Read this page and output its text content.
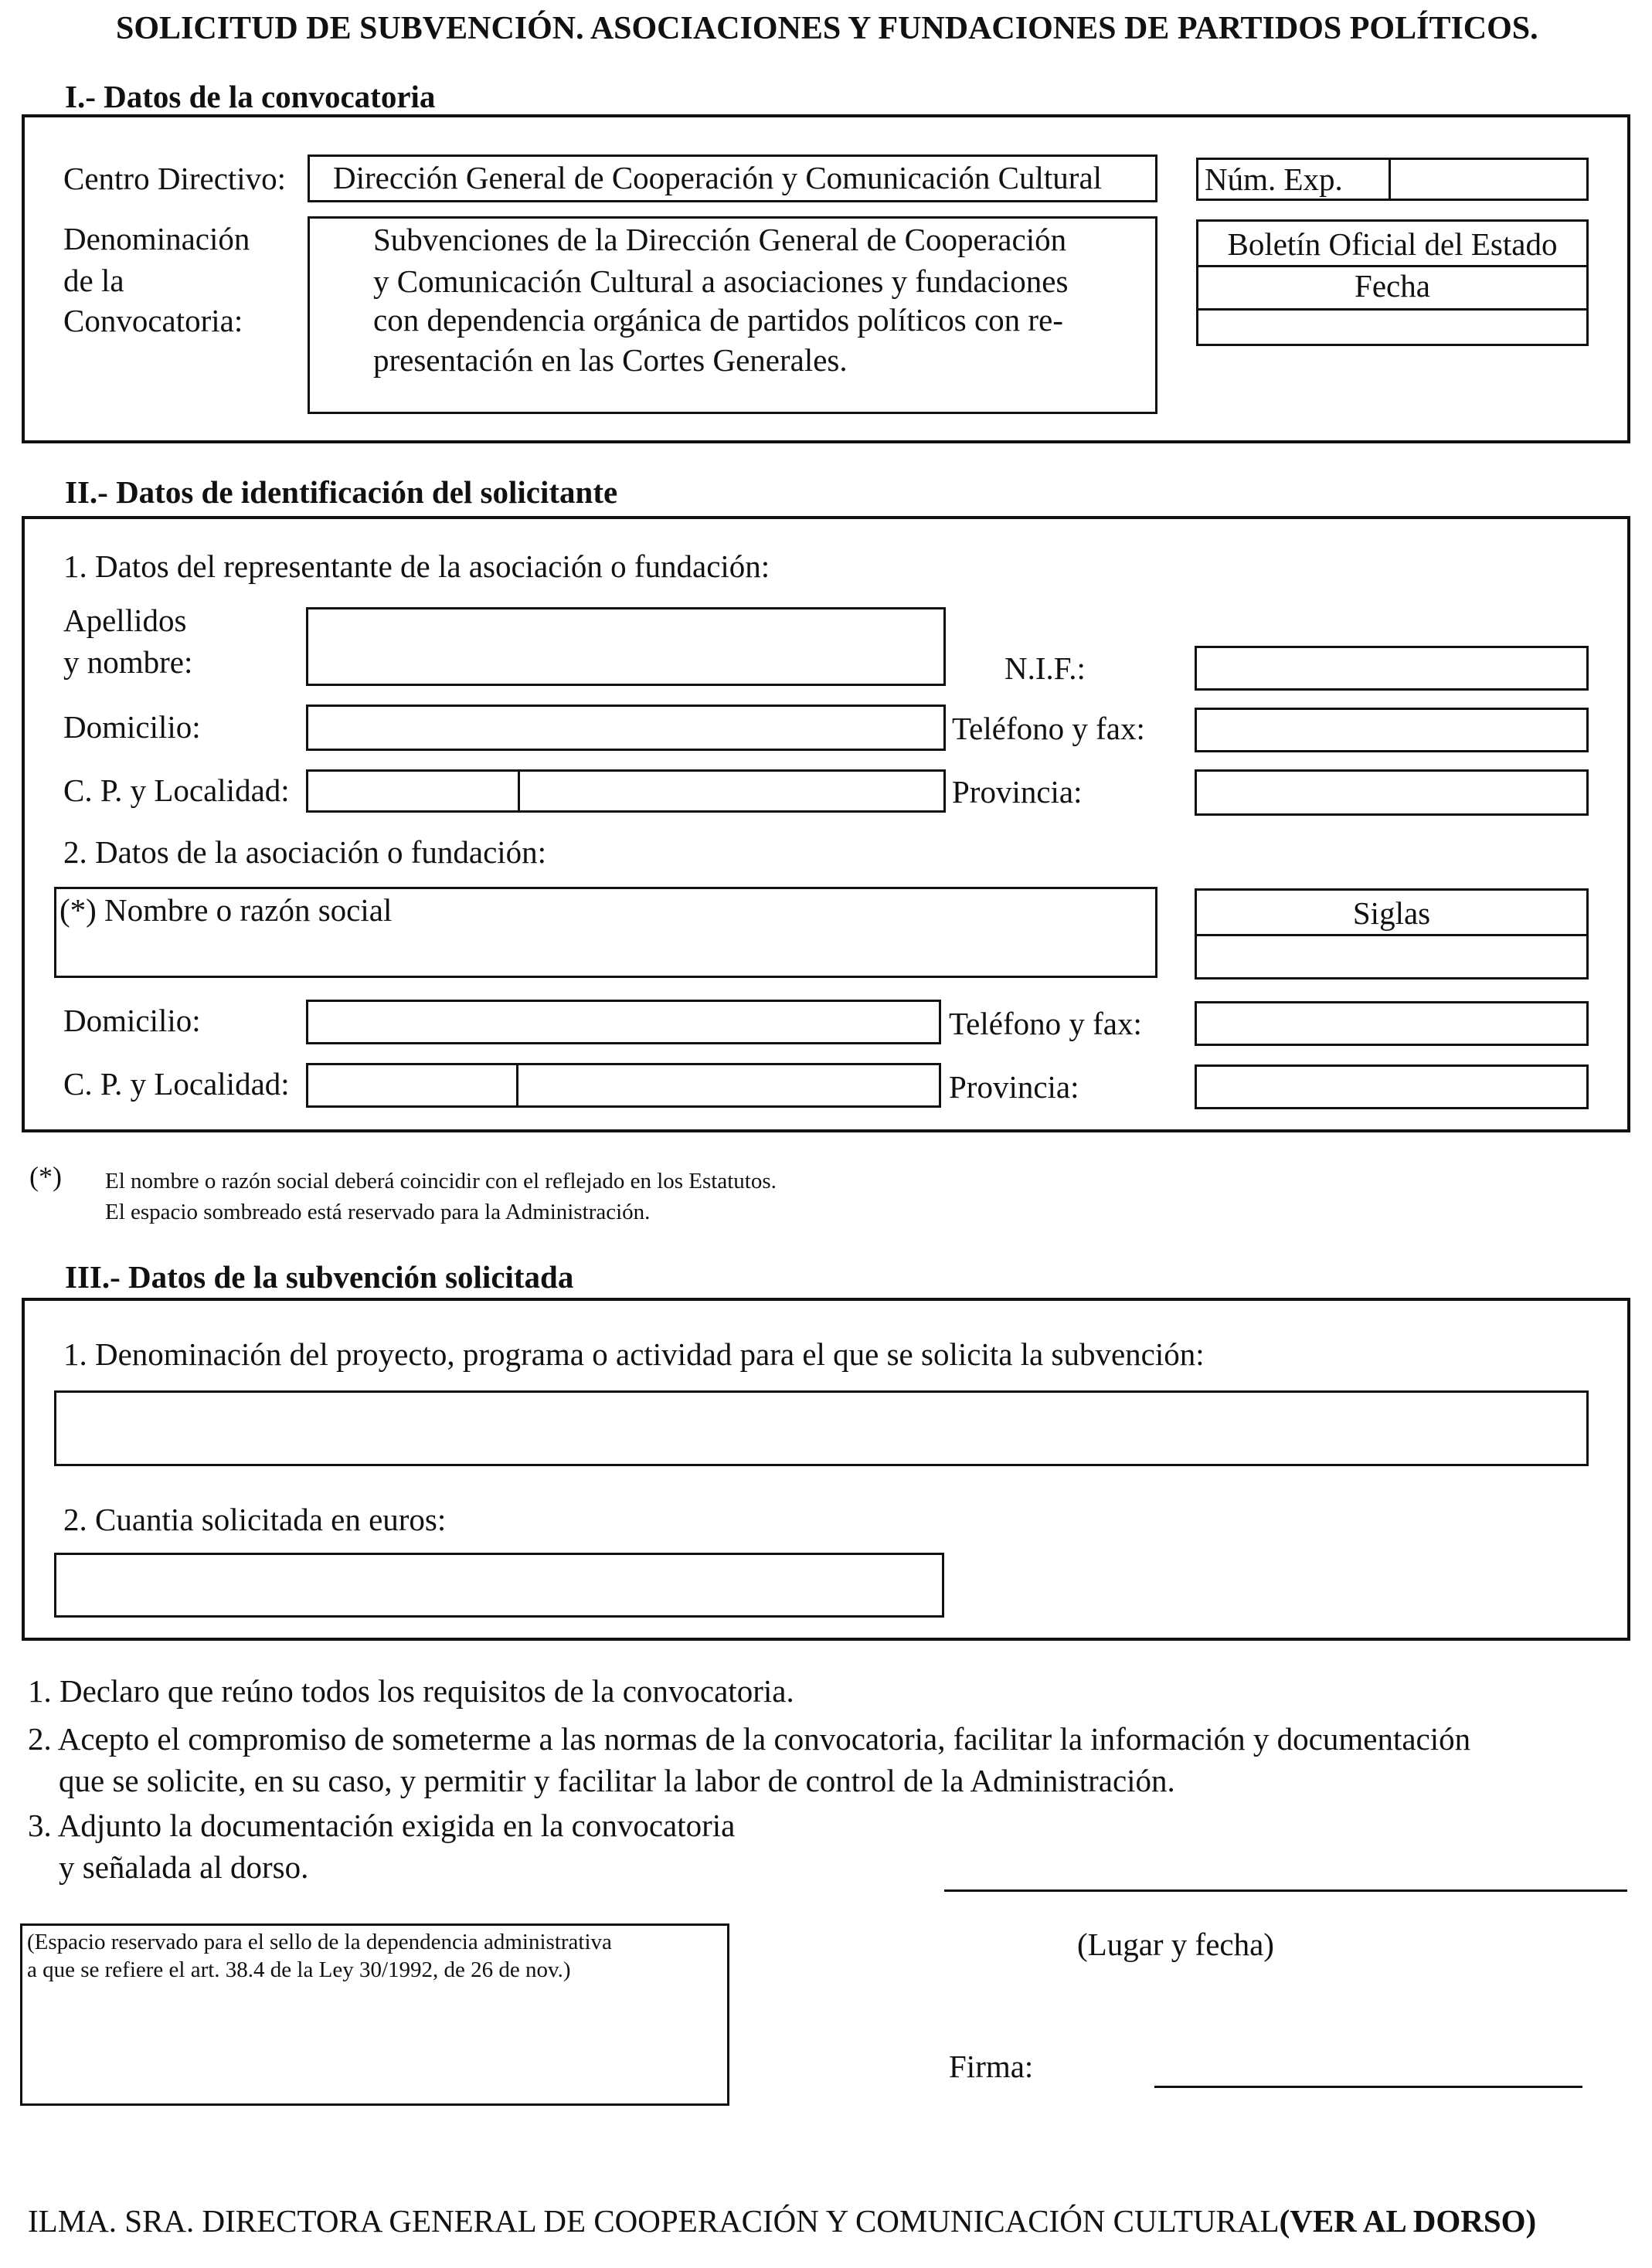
SOLICITUD DE SUBVENCIÓN. ASOCIACIONES Y FUNDACIONES DE PARTIDOS POLÍTICOS.
I.- Datos de la convocatoria
Centro Directivo: Dirección General de Cooperación y Comunicación Cultural	Núm. Exp.
Denominación
de la
Convocatoria:
Subvenciones de la Dirección General de Cooperación
y Comunicación Cultural a asociaciones y fundaciones
con dependencia orgánica de partidos políticos con re-
presentación en las Cortes Generales.
Boletín Oficial del Estado
Fecha
II.- Datos de identificación del solicitante
1. Datos del representante de la asociación o fundación:
Apellidos
y nombre:	N.I.F.:
Domicilio:	Teléfono y fax:
C. P. y Localidad:	Provincia:
2. Datos de la asociación o fundación:
(*) Nombre o razón social	Siglas
Domicilio:	Teléfono y fax:
C. P. y Localidad:	Provincia:
(*) El nombre o razón social deberá coincidir con el reflejado en los Estatutos.
El espacio sombreado está reservado para la Administración.
III.- Datos de la subvención solicitada
1. Denominación del proyecto, programa o actividad para el que se solicita la subvención:
2. Cuantia solicitada en euros:
1. Declaro que reúno todos los requisitos de la convocatoria.
2. Acepto el compromiso de someterme a las normas de la convocatoria, facilitar la información y documentación
que se solicite, en su caso, y permitir y facilitar la labor de control de la Administración.
3. Adjunto la documentación exigida en la convocatoria
y señalada al dorso.
(Lugar y fecha)
(Espacio reservado para el sello de la dependencia administrativa
a que se refiere el art. 38.4 de la Ley 30/1992, de 26 de nov.)
Firma:
ILMA. SRA. DIRECTORA GENERAL DE COOPERACIÓN Y COMUNICACIÓN CULTURAL(VER AL DORSO)
